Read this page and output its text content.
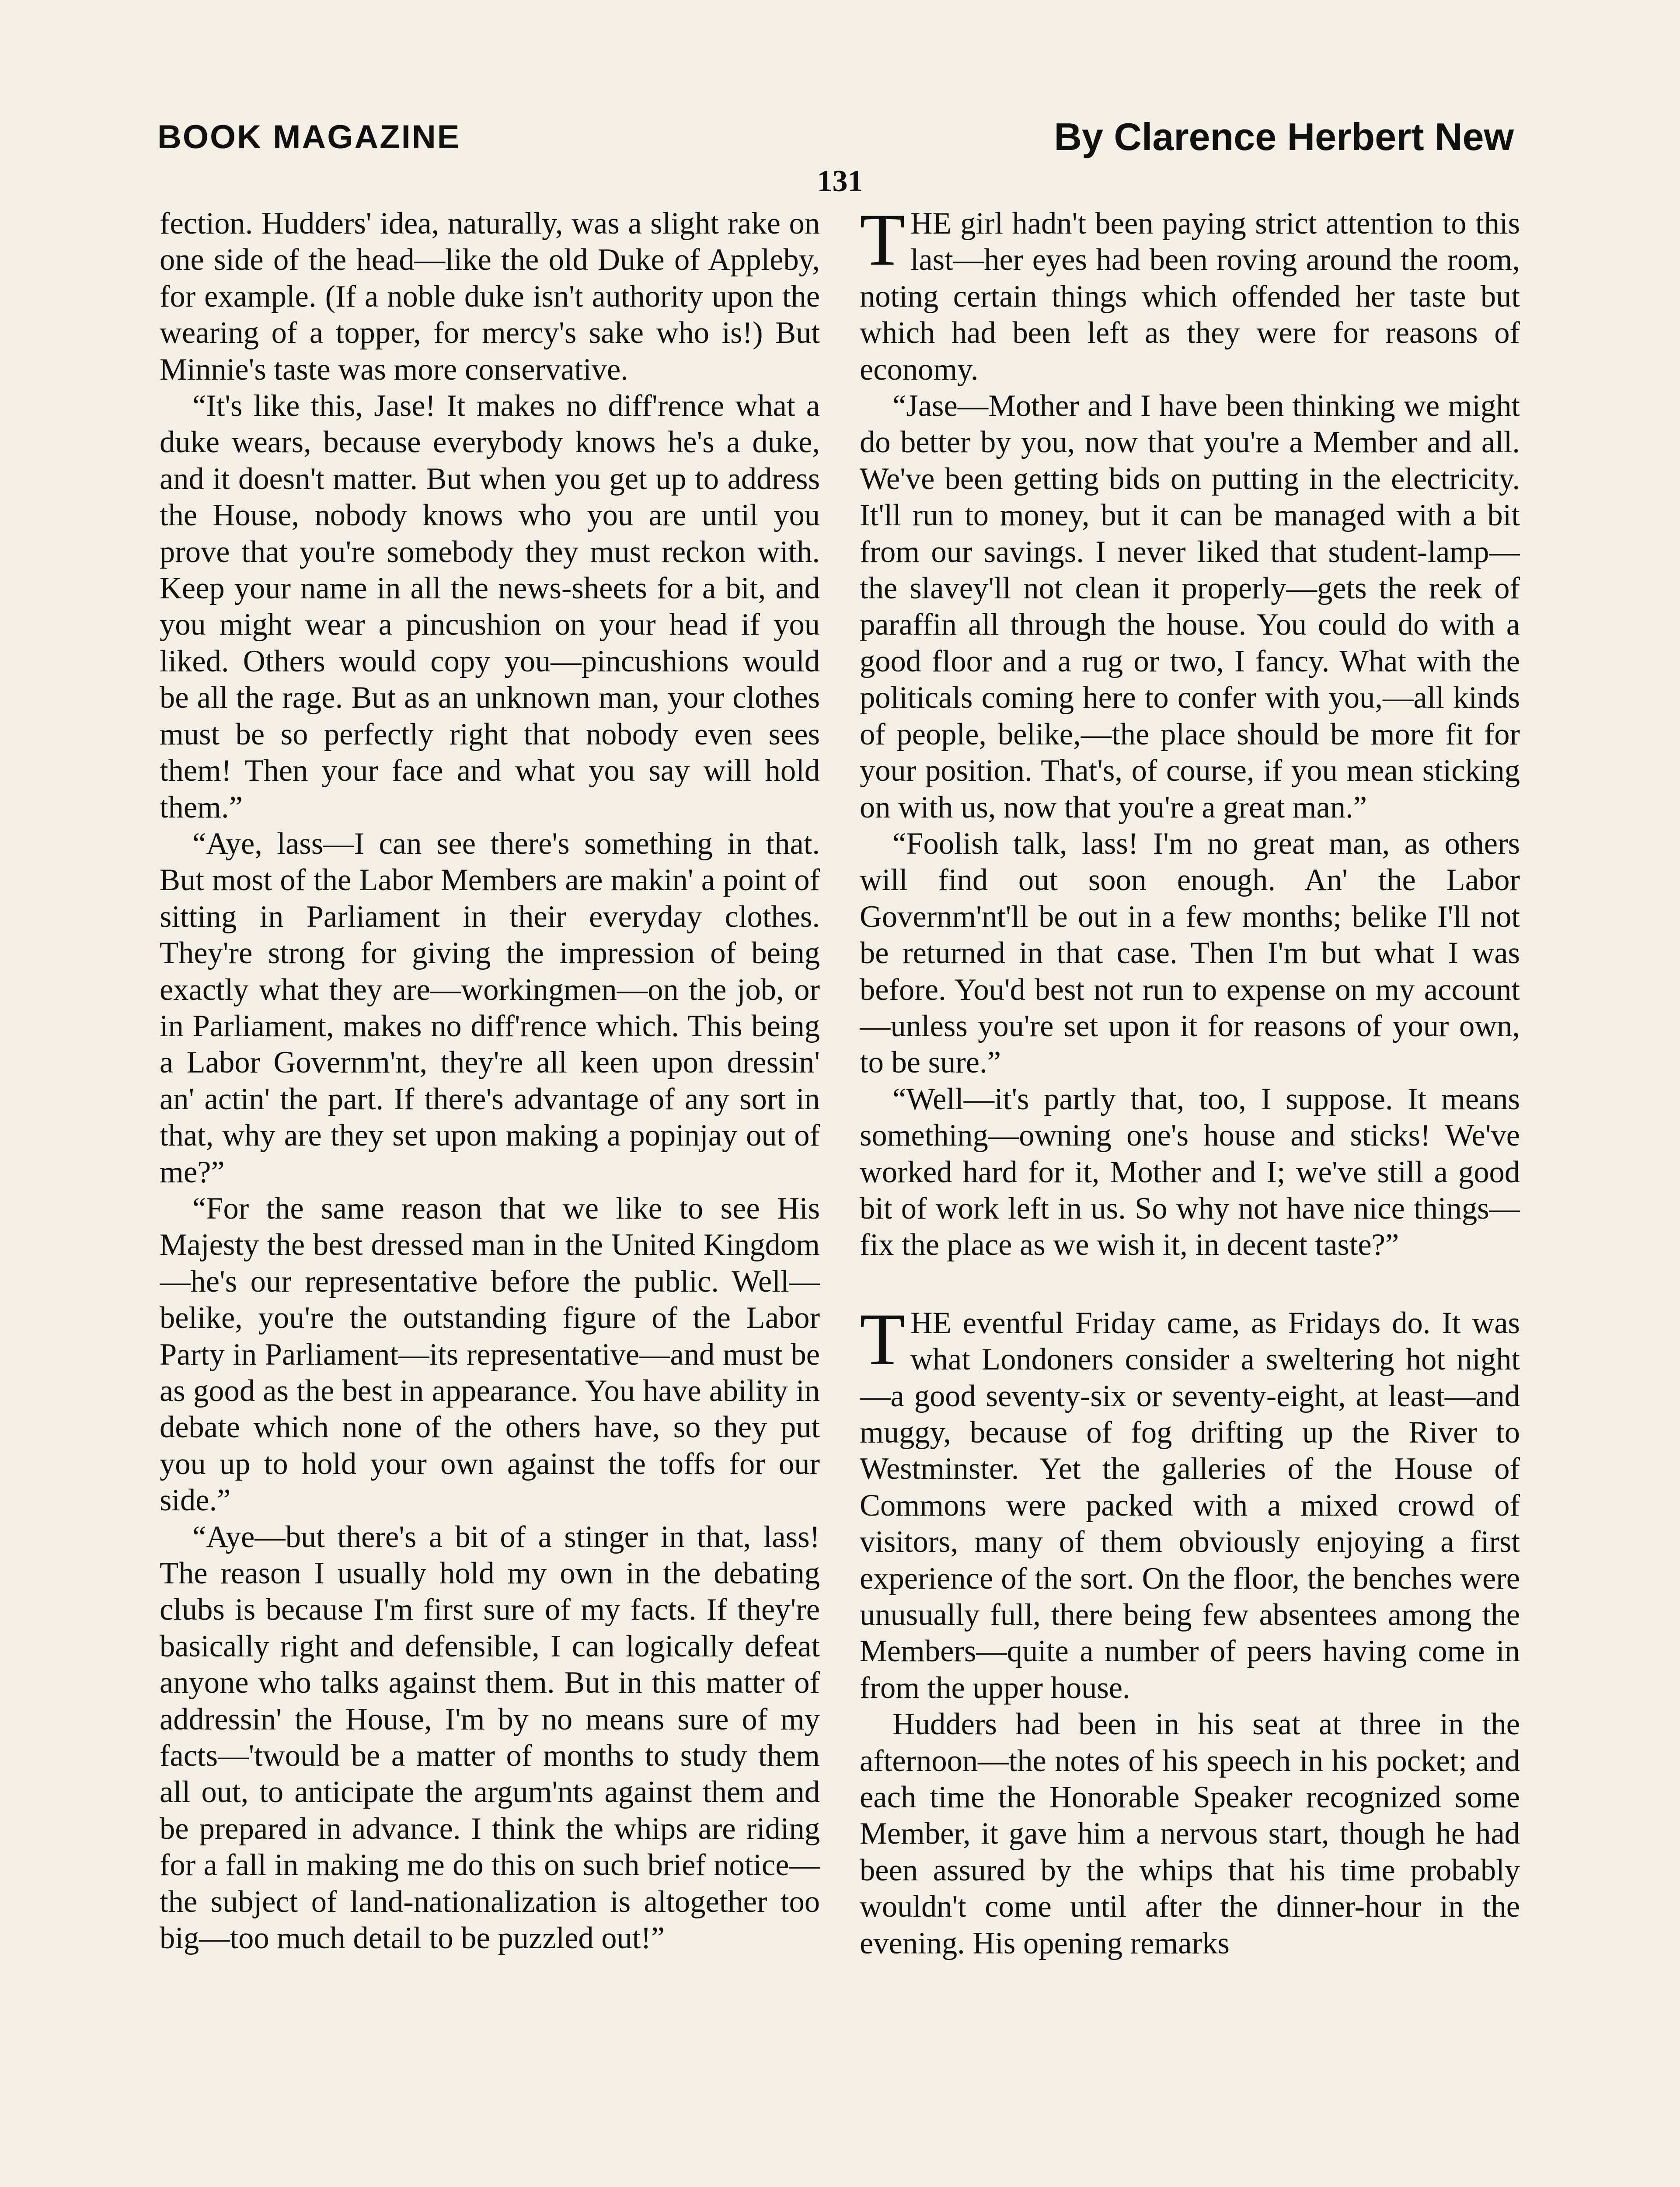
BOOK MAGAZINE	By Clarence Herbert New
131

fection. Hudders' idea, naturally, was a slight rake on one side of the head—like the old Duke of Appleby, for example. (If a noble duke isn't authority upon the wearing of a topper, for mercy's sake who is!) But Minnie's taste was more conservative.

“It's like this, Jase! It makes no diff'rence what a duke wears, because everybody knows he's a duke, and it doesn't matter. But when you get up to address the House, nobody knows who you are until you prove that you're somebody they must reckon with. Keep your name in all the news-sheets for a bit, and you might wear a pincushion on your head if you liked. Others would copy you—pincushions would be all the rage. But as an unknown man, your clothes must be so perfectly right that nobody even sees them! Then your face and what you say will hold them.”

“Aye, lass—I can see there's something in that. But most of the Labor Members are makin' a point of sitting in Parliament in their everyday clothes. They're strong for giving the impression of being exactly what they are—workingmen—on the job, or in Parliament, makes no diff'rence which. This being a Labor Governm'nt, they're all keen upon dressin' an' actin' the part. If there's advantage of any sort in that, why are they set upon making a popinjay out of me?”

“For the same reason that we like to see His Majesty the best dressed man in the United Kingdom—he's our representative before the public. Well—belike, you're the outstanding figure of the Labor Party in Parliament—its representative—and must be as good as the best in appearance. You have ability in debate which none of the others have, so they put you up to hold your own against the toffs for our side.”

“Aye—but there's a bit of a stinger in that, lass! The reason I usually hold my own in the debating clubs is because I'm first sure of my facts. If they're basically right and defensible, I can logically defeat anyone who talks against them. But in this matter of addressin' the House, I'm by no means sure of my facts—'twould be a matter of months to study them all out, to anticipate the argum'nts against them and be prepared in advance. I think the whips are riding for a fall in making me do this on such brief notice—the subject of land-nationalization is altogether too big—too much detail to be puzzled out!”

THE girl hadn't been paying strict attention to this last—her eyes had been roving around the room, noting certain things which offended her taste but which had been left as they were for reasons of economy.

“Jase—Mother and I have been thinking we might do better by you, now that you're a Member and all. We've been getting bids on putting in the electricity. It'll run to money, but it can be managed with a bit from our savings. I never liked that student-lamp—the slavey'll not clean it properly—gets the reek of paraffin all through the house. You could do with a good floor and a rug or two, I fancy. What with the politicals coming here to confer with you,—all kinds of people, belike,—the place should be more fit for your position. That's, of course, if you mean sticking on with us, now that you're a great man.”

“Foolish talk, lass! I'm no great man, as others will find out soon enough. An' the Labor Governm'nt'll be out in a few months; belike I'll not be returned in that case. Then I'm but what I was before. You'd best not run to expense on my account—unless you're set upon it for reasons of your own, to be sure.”

“Well—it's partly that, too, I suppose. It means something—owning one's house and sticks! We've worked hard for it, Mother and I; we've still a good bit of work left in us. So why not have nice things—fix the place as we wish it, in decent taste?”

THE eventful Friday came, as Fridays do. It was what Londoners consider a sweltering hot night—a good seventy-six or seventy-eight, at least—and muggy, because of fog drifting up the River to Westminster. Yet the galleries of the House of Commons were packed with a mixed crowd of visitors, many of them obviously enjoying a first experience of the sort. On the floor, the benches were unusually full, there being few absentees among the Members—quite a number of peers having come in from the upper house.

Hudders had been in his seat at three in the afternoon—the notes of his speech in his pocket; and each time the Honorable Speaker recognized some Member, it gave him a nervous start, though he had been assured by the whips that his time probably wouldn't come until after the dinner-hour in the evening. His opening remarks
